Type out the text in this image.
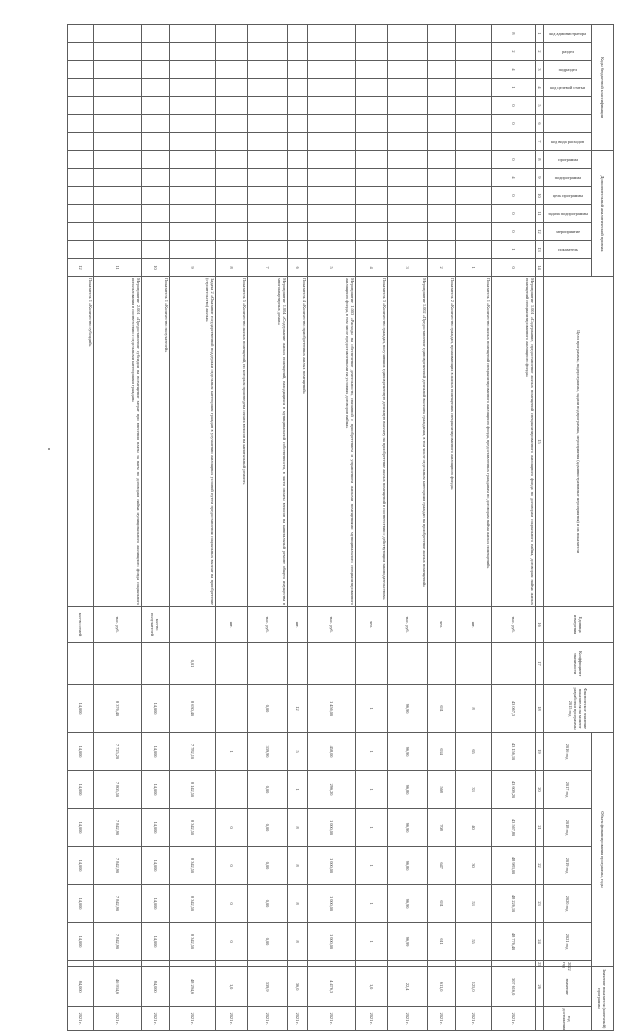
Коды бюджетной классификации							Дополнительный аналитический признак							Цели программы, подпрограммы, задачи подпрограммы, мероприятия (административные мероприятия) и их показатели	Единица измерения	Коэффициент значимости	Фактическое значение показателя на момент разработки программы 2015 год	Объем финансирования программы, годы							Значение показателя (конечный) программы	
код администратора	раздел	подраздел	код целевой статьи			код вида расходов	программа	подпрограмма	цель программы	задача подпрограммы	мероприятие	показатель						2016 год	2017 год	2018 год	2019 год	2020 год	2021 год	2022 год	значение	год достижения
1	2	3	4	5	6	7	8	9	10	11	12	13	14	15	16	17	18	19	20	21	22	23	24	25	26	
8	2	4	1	0	0		0	4	0	0	0	1	0	Мероприятие 1.001 «Содержание, предоставление жилых помещений специализированного жилищного фонда по договорам социального найма, договорам найма жилых помещений специализированного жилищного фонда»	тыс. руб.		43 067,3	43 156,10	43 609,20	43 567,80	48 983,00	48 226,10	48 776,40		307 616,0	2021 г.
													1	Показатель 1 «Количество жилых помещений специализированного жилищного фонда, предоставленных гражданам по договорам найма жилых помещений»	шт.		8	65	33	40	30	53	55		125,0	2021 г.
													2	Показатель 2 «Количество граждан, проживающих в жилых помещениях специализированного жилищного фонда»	чел.		631	634	568	708	647	631	611		611,0	2021 г.
													3	Мероприятие 1.002 «Предоставление единовременной денежной выплаты гражданам, в том числе отдельным категориям граждан на приобретение жилых помещений»	тыс. руб.		96,90	96,90	96,80	96,90	96,80	96,90	96,99		22,4	2021 г.
													4	Показатель 3 «Количество граждан, получивших единовременную денежную выплату на приобретение жилых помещений в соответствии с действующим законодательством»	чел.		1	1	1	1	1	1	1		1,0	2021 г.
													5	Мероприятие 1.003 «Расходы на обеспечение деятельности, связанной с приобретением и управлением жилыми помещениями муниципального специализированного жилищного фонда, в том числе предоставленными на условиях договоров найма»	тыс. руб.		1 456,00	458,00	296,20	1 000,00	1 000,00	1 000,00	1 000,00		4 476,3	2021 г.
													6	Показатель 4 «Количество приобретенных жилых помещений»	шт.		12	5	1	8	8	8	8		36,0	2021 г.
													7	Мероприятие 1.004 «Содержание жилых помещений, находящихся в муниципальной собственности, в части оплаты взносов на капитальный ремонт общего имущества в многоквартирных домах»	тыс. руб.		0,00	339,90	0,00	0,00	0,00	0,00	0,00		339,9	2021 г.
													8	Показатель 5 «Количество жилых помещений, по которым произведена оплата взносов на капитальный ремонт»	шт.			1		0	0	0	0		1,0	2021 г.
													9	Задача 2 «Оказание государственной поддержки отдельным категориям граждан в улучшении жилищных условий путем предоставления социальных выплат на приобретение (строительство) жилья»		0,01	8 630,40	7 782,10	8 142,50	8 342,50	8 342,50	8 342,50	8 342,50		48 294,6	2021 г.
													10	Показатель 1 «Количество получателей»	кол-во получателей		14,000	14,000	14,000	14,000	14,000	14,000	14,000		84,000	2021 г.
													11	Мероприятие 2.001 «Предоставление субсидии на возмещение затрат при внесении платы за наем по договорам найма муниципального жилищного фонда социального использования в соответствии с отдельными категориями граждан»	тыс. руб.		8 376,40	7 725,20	7 805,50	7 842,90	7 842,90	7 842,90	7 842,90		46 934,6	2021 г.
													12	Показатель 1 «Количество субсидий»	кол-во семей		14,000	14,000	14,000	14,000	14,000	14,000	14,000		84,000	2021 г.
